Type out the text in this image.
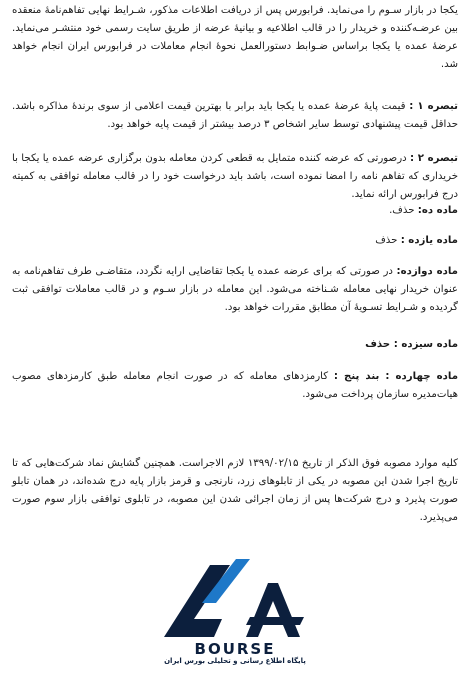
یکجا در بازار سـوم را می‌نماید. فرابورس پس از دریافت اطلاعات مذکور، شـرایط نهایی تفاهم‌نامهٔ منعقده بین عرضـه‌کننده و خریدار را در قالب اطلاعیه و بیانیهٔ عرضه از طریق سایت رسمی خود منتشـر می‌نماید. عرضهٔ عمده یا یکجا براساس ضـوابط دستورالعمل نحوهٔ انجام معاملات در فرابورس ایران انجام خواهد شد.

تبصره ۱ : قیمت پایهٔ عرضهٔ عمده یا یکجا باید برابر با بهترین قیمت اعلامی از سوی برندهٔ مذاکره باشد. حداقل قیمت پیشنهادی توسط سایر اشخاص ۳ درصد بیشتر از قیمت پایه خواهد بود.

تبصره ۲ : درصورتی که عرضه کننده متمایل به قطعی کردن معامله بدون برگزاری عرضه عمده یا یکجا با خریداری که تفاهم نامه را امضا نموده است، باشد باید درخواست خود را در قالب معامله توافقی به کمیته درج فرابورس ارائه نماید.

ماده ده: حذف.

ماده یازده : حذف

ماده دوازده: در صورتی که برای عرضه عمده یا یکجا تقاضایی ارایه نگردد، متقاضـی طرف تفاهم‌نامه به عنوان خریدار نهایی معامله شـناخته می‌شود. این معامله در بازار سـوم و در قالب معاملات توافقی ثبت گردیده و شـرایط تسـویهٔ آن مطابق مقررات خواهد بود.

ماده سیزده : حذف

ماده چهارده : بند پنج : کارمزدهای معامله که در صورت انجام معامله طبق کارمزدهای مصوب هیات‌مدیره سازمان پرداخت می‌شود.

کلیه موارد مصوبه فوق الذکر از تاریخ ۱۳۹۹/۰۲/۱۵ لازم الاجراست. همچنین گشایش نماد شرکت‌هایی که تا تاریخ اجرا شدن این مصوبه در یکی از تابلوهای زرد، نارنجی و قرمز بازار پایه درج شده‌اند، در همان تابلو صورت پذیرد و درج شرکت‌ها پس از زمان اجرائی شدن این مصوبه، در تابلوی توافقی بازار سوم صورت می‌پذیرد.

BOURSE
پایگاه اطلاع رسانی و تحلیلی بورس ایران
